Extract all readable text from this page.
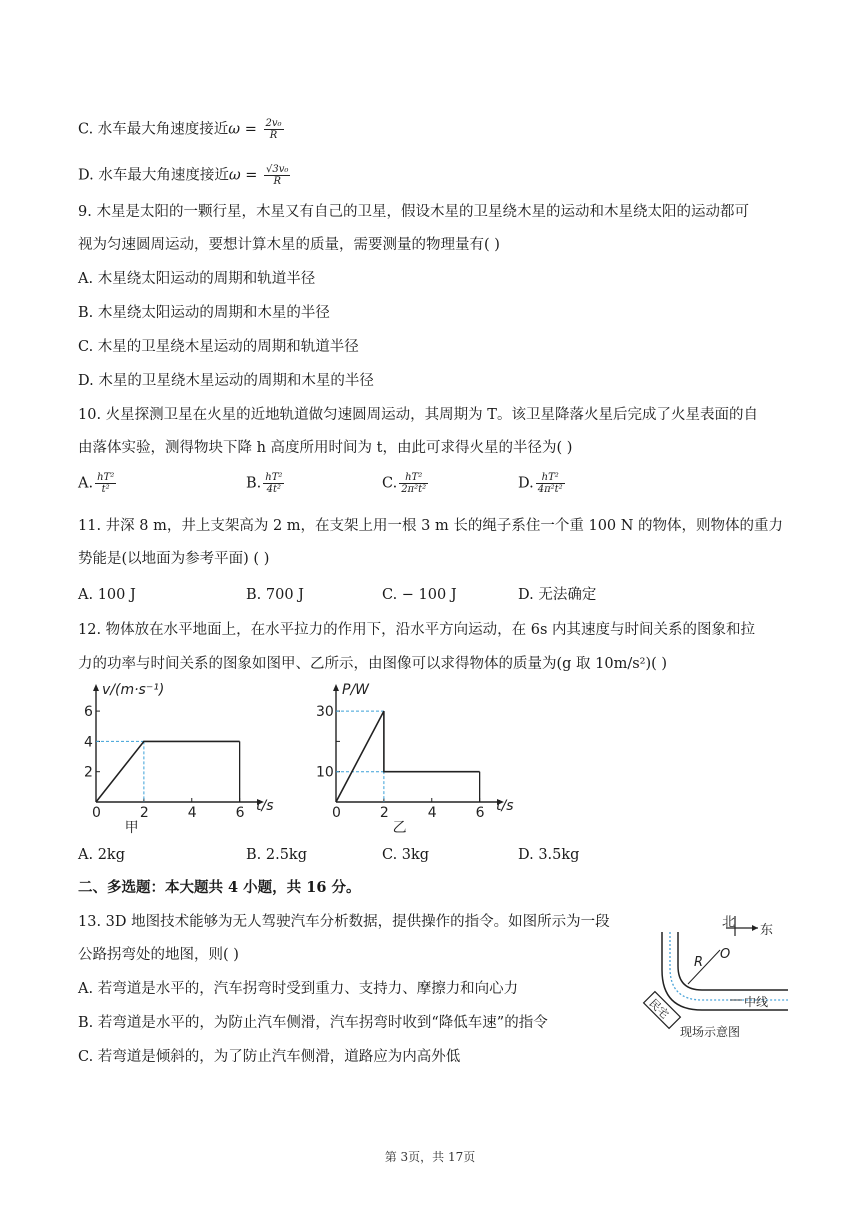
C. 水车最大角速度接近$\omega = \frac{\text{2v₀}}{R}$
D. 水车最大角速度接近$\omega = \frac{\text{√3v₀}}{R}$
9. 木星是太阳的一颗行星，木星又有自己的卫星，假设木星的卫星绕木星的运动和木星绕太阳的运动都可
视为匀速圆周运动，要想计算木星的质量，需要测量的物理量有( )
A. 木星绕太阳运动的周期和轨道半径
B. 木星绕太阳运动的周期和木星的半径
C. 木星的卫星绕木星运动的周期和轨道半径
D. 木星的卫星绕木星运动的周期和木星的半径
10. 火星探测卫星在火星的近地轨道做匀速圆周运动，其周期为 T。该卫星降落火星后完成了火星表面的自
由落体实验，测得物块下降 h 高度所用时间为 t，由此可求得火星的半径为( )
A. $\frac{\text{hT²}}{\text{t²}}$	B. $\frac{\text{hT²}}{\text{4t²}}$	C. $\frac{\text{hT²}}{\text{2π²t²}}$	D. $\frac{\text{hT²}}{\text{4π²t²}}$
11. 井深 8 m，井上支架高为 2 m，在支架上用一根 3 m 长的绳子系住一个重 100 N 的物体，则物体的重力
势能是(以地面为参考平面) ( )
A. 100 J	B. 700 J	C. − 100 J	D. 无法确定
12. 物体放在水平地面上，在水平拉力的作用下，沿水平方向运动，在 6s 内其速度与时间关系的图象和拉
力的功率与时间关系的图象如图甲、乙所示，由图像可以求得物体的质量为(g 取 10m/s²)( )
0	2	4	6
2
4
6
v/(m·s⁻¹)
t/s
甲
0	2	4	6
10
30
P/W
t/s
乙
A. 2kg	B. 2.5kg	C. 3kg	D. 3.5kg
二、多选题：本大题共 4 小题，共 16 分。
13. 3D 地图技术能够为无人驾驶汽车分析数据，提供操作的指令。如图所示为一段
公路拐弯处的地图，则( )
A. 若弯道是水平的，汽车拐弯时受到重力、支持力、摩擦力和向心力
B. 若弯道是水平的，为防止汽车侧滑，汽车拐弯时收到“降低车速”的指令
C. 若弯道是倾斜的，为了防止汽车侧滑，道路应为内高外低
北
东
R
O
中线
民宅
现场示意图
第 3页，共 17页
